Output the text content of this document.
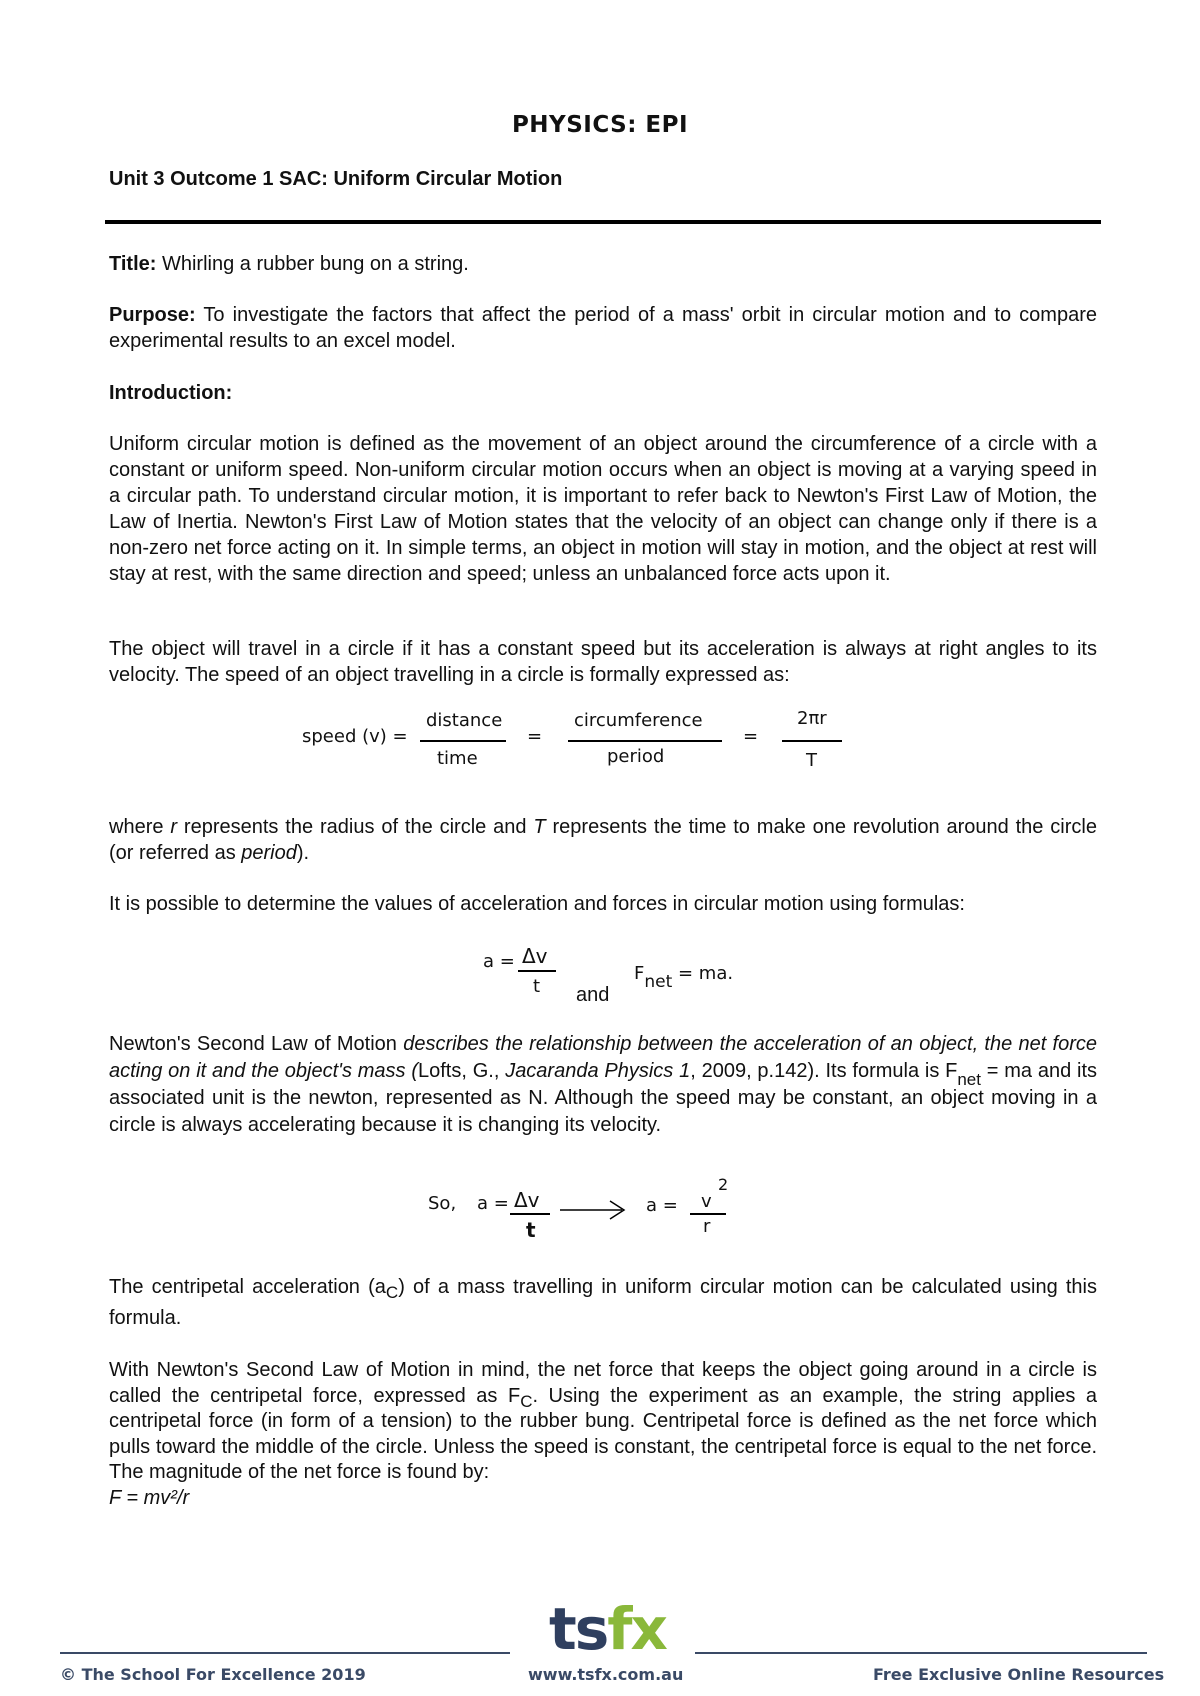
PHYSICS: EPI
Unit 3 Outcome 1 SAC: Uniform Circular Motion

Title: Whirling a rubber bung on a string.

Purpose: To investigate the factors that affect the period of a mass' orbit in circular motion and to compare experimental results to an excel model.

Introduction:

Uniform circular motion is defined as the movement of an object around the circumference of a circle with a constant or uniform speed. Non-uniform circular motion occurs when an object is moving at a varying speed in a circular path. To understand circular motion, it is important to refer back to Newton's First Law of Motion, the Law of Inertia. Newton's First Law of Motion states that the velocity of an object can change only if there is a non-zero net force acting on it. In simple terms, an object in motion will stay in motion, and the object at rest will stay at rest, with the same direction and speed; unless an unbalanced force acts upon it.

The object will travel in a circle if it has a constant speed but its acceleration is always at right angles to its velocity. The speed of an object travelling in a circle is formally expressed as:

speed (v) =
distance
time
=
circumference
period
=
2πr
T

where r represents the radius of the circle and T represents the time to make one revolution around the circle (or referred as period).

It is possible to determine the values of acceleration and forces in circular motion using formulas:

a = Δv
t and
Fnet = ma.

Newton's Second Law of Motion describes the relationship between the acceleration of an object, the net force acting on it and the object's mass (Lofts, G., Jacaranda Physics 1, 2009, p.142). Its formula is $F_{net}$ = ma and its associated unit is the newton, represented as N. Although the speed may be constant, an object moving in a circle is always accelerating because it is changing its velocity.

So, a = Δv
t
a = v
2
r

The centripetal acceleration $(a_C)$ of a mass travelling in uniform circular motion can be calculated using this formula.

With Newton's Second Law of Motion in mind, the net force that keeps the object going around in a circle is called the centripetal force, expressed as $F_C$. Using the experiment as an example, the string applies a centripetal force (in form of a tension) to the rubber bung. Centripetal force is defined as the net force which pulls toward the middle of the circle. Unless the speed is constant, the centripetal force is equal to the net force. The magnitude of the net force is found by:

F = mv²/r

tsfx
© The School For Excellence 2019	www.tsfx.com.au	Free Exclusive Online Resources
